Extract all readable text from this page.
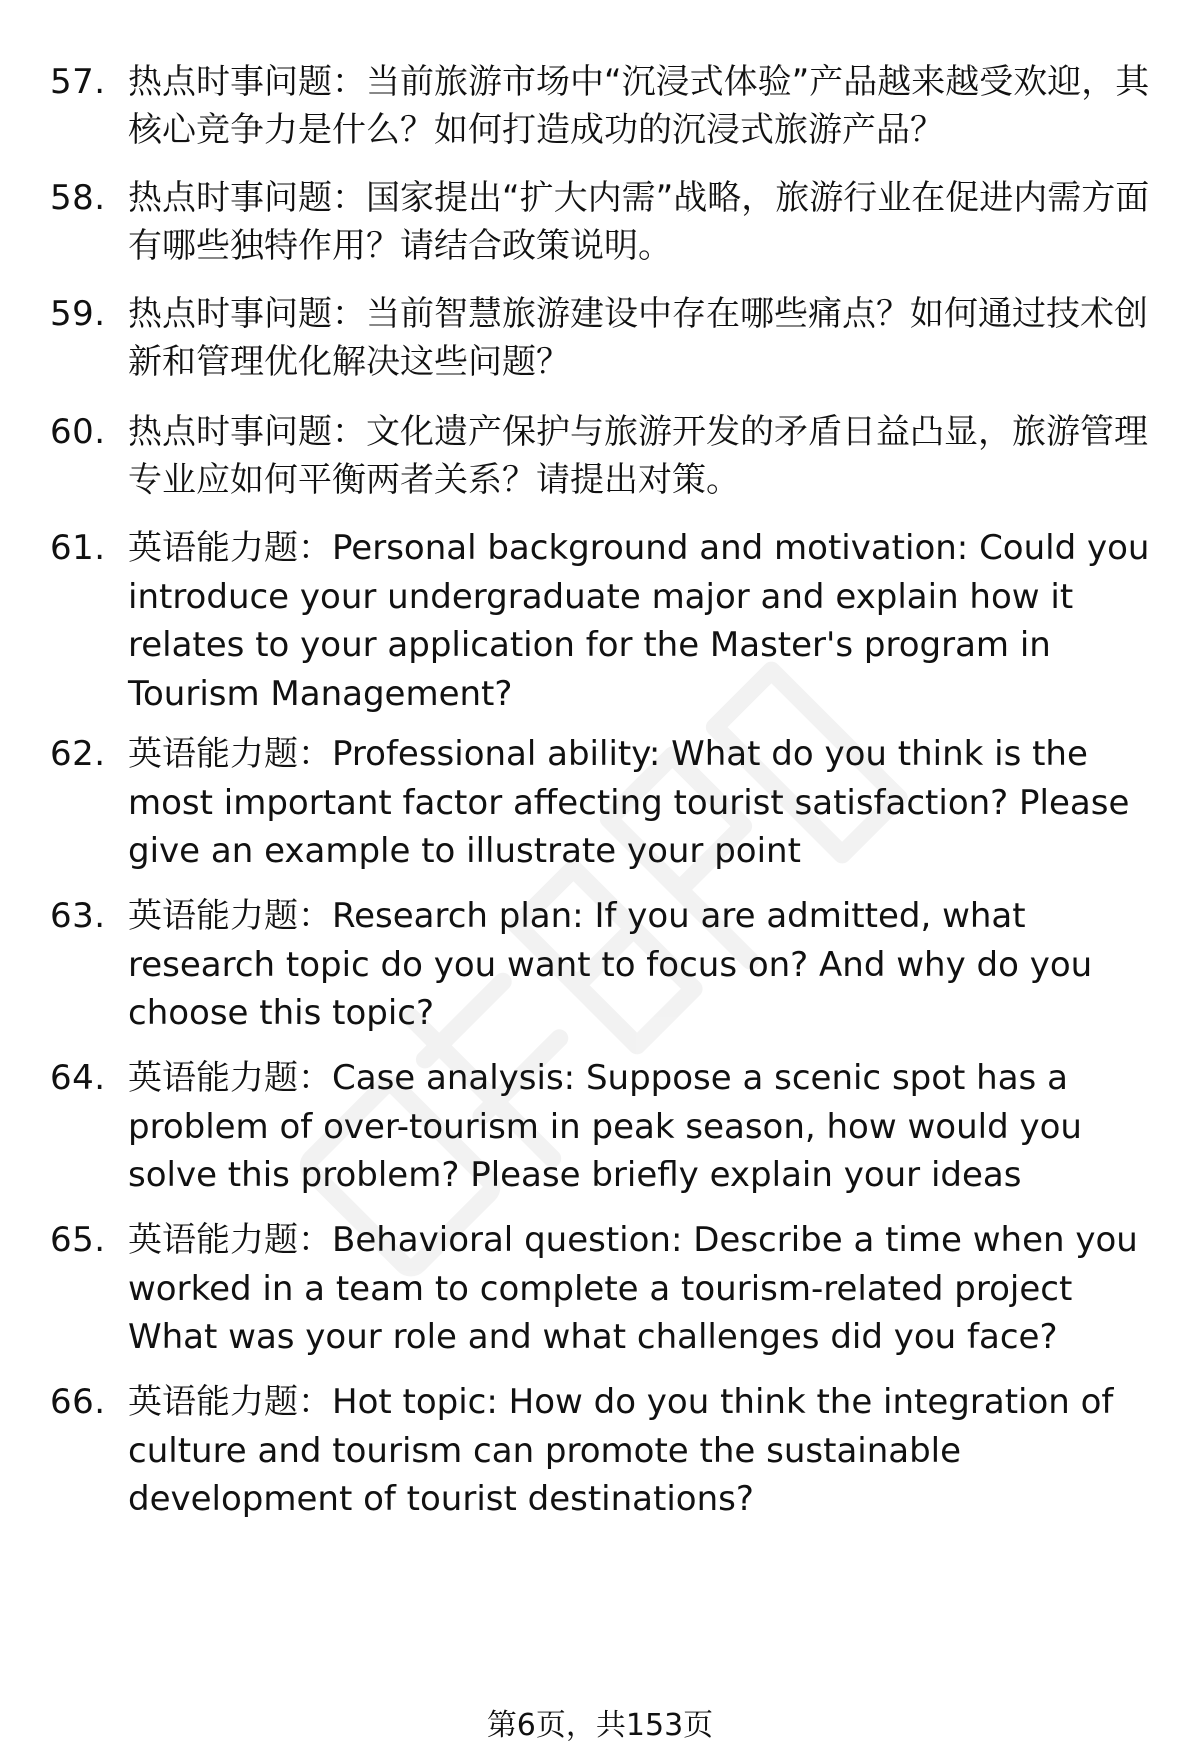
57. 热点时事问题：当前旅游市场中“沉浸式体验”产品越来越受欢迎，其核心竞争力是什么？如何打造成功的沉浸式旅游产品？
58. 热点时事问题：国家提出“扩大内需”战略，旅游行业在促进内需方面有哪些独特作用？请结合政策说明。
59. 热点时事问题：当前智慧旅游建设中存在哪些痛点？如何通过技术创新和管理优化解决这些问题？
60. 热点时事问题：文化遗产保护与旅游开发的矛盾日益凸显，旅游管理专业应如何平衡两者关系？请提出对策。
61. 英语能力题：Personal background and motivation: Could you introduce your undergraduate major and explain how it relates to your application for the Master's program in Tourism Management?
62. 英语能力题：Professional ability: What do you think is the most important factor affecting tourist satisfaction? Please give an example to illustrate your point
63. 英语能力题：Research plan: If you are admitted, what research topic do you want to focus on? And why do you choose this topic?
64. 英语能力题：Case analysis: Suppose a scenic spot has a problem of over-tourism in peak season, how would you solve this problem? Please briefly explain your ideas
65. 英语能力题：Behavioral question: Describe a time when you worked in a team to complete a tourism-related project What was your role and what challenges did you face?
66. 英语能力题：Hot topic: How do you think the integration of culture and tourism can promote the sustainable development of tourist destinations?
第6页，共153页
